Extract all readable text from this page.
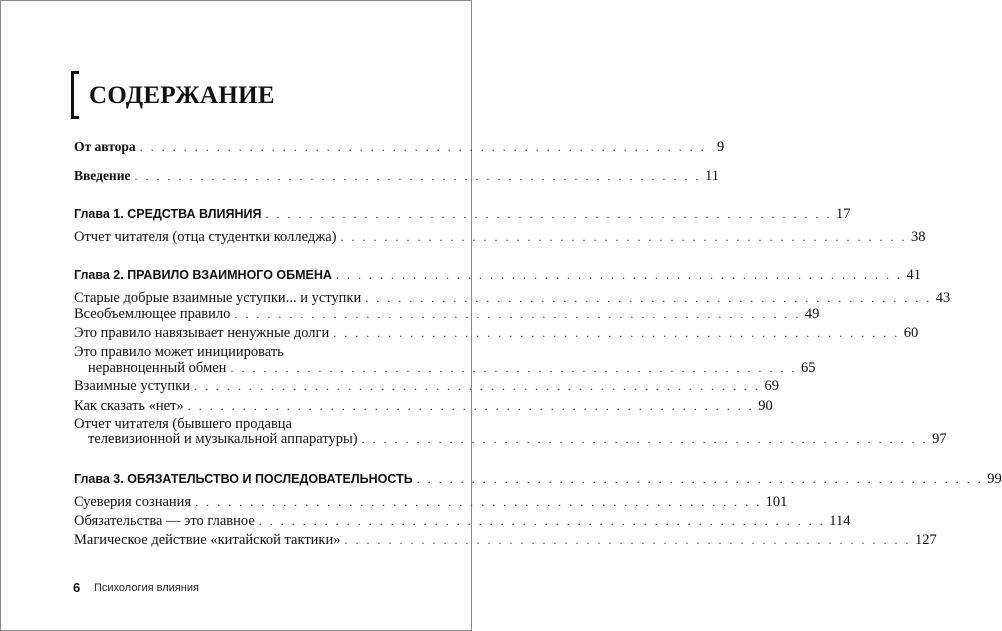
СОДЕРЖАНИЕ
От автора . . . . . . . . . . . . . . . . . . . . . . . . . . . . . . . . . . . . . . . . . . . . . . . . . . . . 9
Введение . . . . . . . . . . . . . . . . . . . . . . . . . . . . . . . . . . . . . . . . . . . . . . . . . . . . 11
Глава 1. СРЕДСТВА ВЛИЯНИЯ . . . . . . . . . . . . . . . . . . . . . . . . . . . . . . . . . . . . . . . . . . . . . . . . . . . . 17
Отчет читателя (отца студентки колледжа) . . . . . . . . . . . . . . . . . . . . . . . . . . . . . . . . . . . . . . . . . . . . . . . . . . . . 38
Глава 2. ПРАВИЛО ВЗАИМНОГО ОБМЕНА . . . . . . . . . . . . . . . . . . . . . . . . . . . . . . . . . . . . . . . . . . . . . . . . . . . . 41
Старые добрые взаимные уступки... и уступки . . . . . . . . . . . . . . . . . . . . . . . . . . . . . . . . . . . . . . . . . . . . . . . . . . . . 43
Всеобъемлющее правило . . . . . . . . . . . . . . . . . . . . . . . . . . . . . . . . . . . . . . . . . . . . . . . . . . . . 49
Это правило навязывает ненужные долги . . . . . . . . . . . . . . . . . . . . . . . . . . . . . . . . . . . . . . . . . . . . . . . . . . . . 60
Это правило может инициировать
неравноценный обмен . . . . . . . . . . . . . . . . . . . . . . . . . . . . . . . . . . . . . . . . . . . . . . . . . . . . 65
Взаимные уступки . . . . . . . . . . . . . . . . . . . . . . . . . . . . . . . . . . . . . . . . . . . . . . . . . . . . 69
Как сказать «нет» . . . . . . . . . . . . . . . . . . . . . . . . . . . . . . . . . . . . . . . . . . . . . . . . . . . . 90
Отчет читателя (бывшего продавца
телевизионной и музыкальной аппаратуры) . . . . . . . . . . . . . . . . . . . . . . . . . . . . . . . . . . . . . . . . . . . . . . . . . . . . 97
Глава 3. ОБЯЗАТЕЛЬСТВО И ПОСЛЕДОВАТЕЛЬНОСТЬ . . . . . . . . . . . . . . . . . . . . . . . . . . . . . . . . . . . . . . . . . . . . . . . . . . . . 99
Суеверия сознания . . . . . . . . . . . . . . . . . . . . . . . . . . . . . . . . . . . . . . . . . . . . . . . . . . . . 101
Обязательства — это главное . . . . . . . . . . . . . . . . . . . . . . . . . . . . . . . . . . . . . . . . . . . . . . . . . . . . 114
Магическое действие «китайской тактики» . . . . . . . . . . . . . . . . . . . . . . . . . . . . . . . . . . . . . . . . . . . . . . . . . . . . 127
6 Психология влияния
